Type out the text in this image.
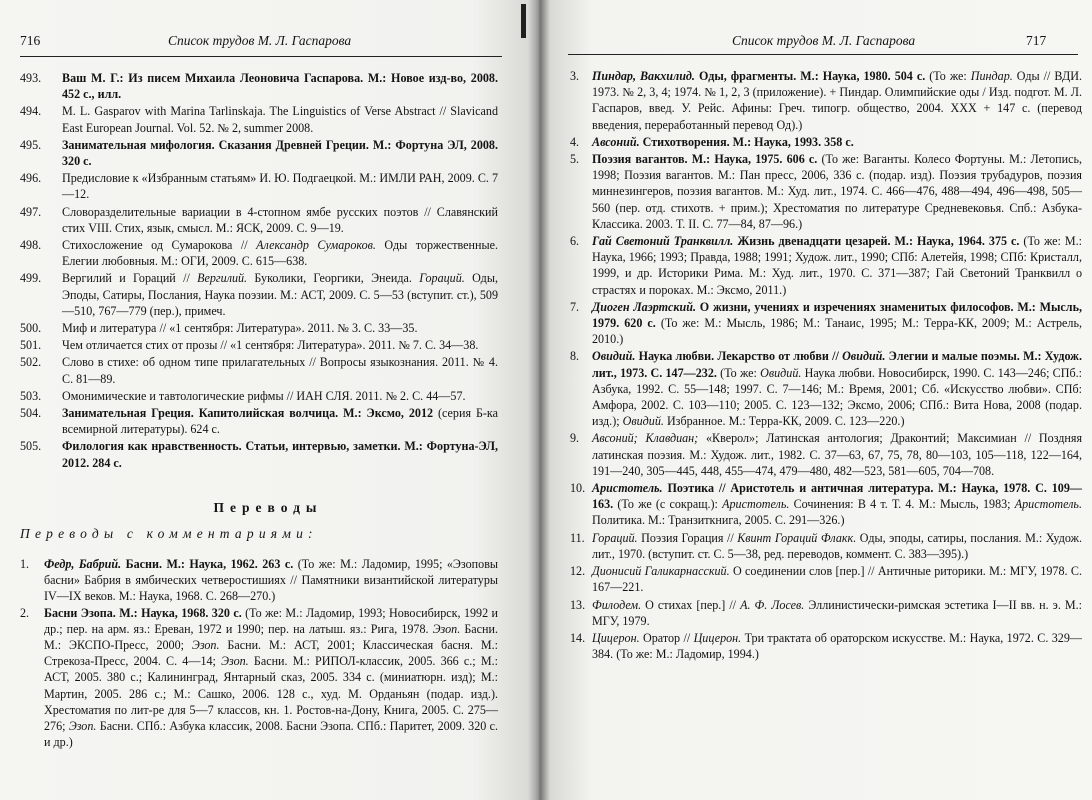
716	Список трудов М. Л. Гаспарова
493.	Ваш М. Г.: Из писем Михаила Леоновича Гаспарова. М.: Новое изд-во, 2008. 452 с., илл.
494.	M. L. Gasparov with Marina Tarlinskaja. The Linguistics of Verse Abstract // Slavicand East European Journal. Vol. 52. № 2, summer 2008.
495.	Занимательная мифология. Сказания Древней Греции. М.: Фортуна ЭЛ, 2008. 320 с.
496.	Предисловие к «Избранным статьям» И. Ю. Подгаецкой. М.: ИМЛИ РАН, 2009. С. 7—12.
497.	Словоразделительные вариации в 4-стопном ямбе русских поэтов // Славянский стих VIII. Стих, язык, смысл. М.: ЯСК, 2009. С. 9—19.
498.	Стихосложение од Сумарокова // Александр Сумароков. Оды торжественные. Елегии любовныя. М.: ОГИ, 2009. С. 615—638.
499.	Вергилий и Гораций // Вергилий. Буколики, Георгики, Энеида. Гораций. Оды, Эподы, Сатиры, Послания, Наука поэзии. М.: АСТ, 2009. С. 5—53 (вступит. ст.), 509—510, 767—779 (пер.), примеч.
500.	Миф и литература // «1 сентября: Литература». 2011. № 3. С. 33—35.
501.	Чем отличается стих от прозы // «1 сентября: Литература». 2011. № 7. С. 34—38.
502.	Слово в стихе: об одном типе прилагательных // Вопросы языкознания. 2011. № 4. С. 81—89.
503.	Омонимические и тавтологические рифмы // ИАН СЛЯ. 2011. № 2. С. 44—57.
504.	Занимательная Греция. Капитолийская волчица. М.: Эксмо, 2012 (серия Б-ка всемирной литературы). 624 с.
505.	Филология как нравственность. Статьи, интервью, заметки. М.: Фортуна-ЭЛ, 2012. 284 с.
Переводы
Переводы с комментариями:
1.	Федр, Бабрий. Басни. М.: Наука, 1962. 263 с. (То же: М.: Ладомир, 1995; «Эзоповы басни» Бабрия в ямбических четверостишиях // Памятники византийской литературы IV—IX веков. М.: Наука, 1968. С. 268—270.)
2.	Басни Эзопа. М.: Наука, 1968. 320 с. (То же: М.: Ладомир, 1993; Новосибирск, 1992 и др.; пер. на арм. яз.: Ереван, 1972 и 1990; пер. на латыш. яз.: Рига, 1978. Эзоп. Басни. М.: ЭКСПО-Пресс, 2000; Эзоп. Басни. М.: АСТ, 2001; Классическая басня. М.: Стрекоза-Пресс, 2004. С. 4—14; Эзоп. Басни. М.: РИПОЛ-классик, 2005. 366 с.; М.: АСТ, 2005. 380 с.; Калининград, Янтарный сказ, 2005. 334 с. (миниатюрн. изд); М.: Мартин, 2005. 286 с.; М.: Сашко, 2006. 128 с., худ. М. Орданьян (подар. изд.). Хрестоматия по лит-ре для 5—7 классов, кн. 1. Ростов-на-Дону, Книга, 2005. С. 275—276; Эзоп. Басни. СПб.: Азбука классик, 2008. Басни Эзопа. СПб.: Паритет, 2009. 320 с. и др.)
Список трудов М. Л. Гаспарова	717
3.	Пиндар, Вакхилид. Оды, фрагменты. М.: Наука, 1980. 504 с. (То же: Пиндар. Оды // ВДИ. 1973. № 2, 3, 4; 1974. № 1, 2, 3 (приложение). + Пиндар. Олимпийские оды / Изд. подгот. М. Л. Гаспаров, введ. У. Рейс. Афины: Греч. типогр. общество, 2004. XXX + 147 с. (перевод введения, переработанный перевод Од).)
4.	Авсоний. Стихотворения. М.: Наука, 1993. 358 с.
5.	Поэзия вагантов. М.: Наука, 1975. 606 с. (То же: Ваганты. Колесо Фортуны. М.: Летопись, 1998; Поэзия вагантов. М.: Пан пресс, 2006, 336 с. (подар. изд). Поэзия трубадуров, поэзия миннезингеров, поэзия вагантов. М.: Худ. лит., 1974. С. 466—476, 488—494, 496—498, 505—560 (пер. отд. стихотв. + прим.); Хрестоматия по литературе Средневековья. Спб.: Азбука-Классика. 2003. Т. II. С. 77—84, 87—96.)
6.	Гай Светоний Транквилл. Жизнь двенадцати цезарей. М.: Наука, 1964. 375 с. (То же: М.: Наука, 1966; 1993; Правда, 1988; 1991; Худож. лит., 1990; СПб: Алетейя, 1998; СПб: Кристалл, 1999, и др. Историки Рима. М.: Худ. лит., 1970. С. 371—387; Гай Светоний Транквилл о страстях и пороках. М.: Эксмо, 2011.)
7.	Диоген Лаэртский. О жизни, учениях и изречениях знаменитых философов. М.: Мысль, 1979. 620 с. (То же: М.: Мысль, 1986; М.: Танаис, 1995; М.: Терра-КК, 2009; М.: Астрель, 2010.)
8.	Овидий. Наука любви. Лекарство от любви // Овидий. Элегии и малые поэмы. М.: Худож. лит., 1973. С. 147—232. (То же: Овидий. Наука любви. Новосибирск, 1990. С. 143—246; СПб.: Азбука, 1992. С. 55—148; 1997. С. 7—146; М.: Время, 2001; Сб. «Искусство любви». СПб: Амфора, 2002. С. 103—110; 2005. С. 123—132; Эксмо, 2006; СПб.: Вита Нова, 2008 (подар. изд.); Овидий. Избранное. М.: Терра-КК, 2009. С. 123—220.)
9.	Авсоний; Клавдиан; «Кверол»; Латинская антология; Драконтий; Максимиан // Поздняя латинская поэзия. М.: Худож. лит., 1982. С. 37—63, 67, 75, 78, 80—103, 105—118, 122—164, 191—240, 305—445, 448, 455—474, 479—480, 482—523, 581—605, 704—708.
10. Аристотель. Поэтика // Аристотель и античная литература. М.: Наука, 1978. С. 109—163. (То же (с сокращ.): Аристотель. Сочинения: В 4 т. Т. 4. М.: Мысль, 1983; Аристотель. Политика. М.: Транзиткнига, 2005. С. 291—326.)
11. Гораций. Поэзия Горация // Квинт Гораций Флакк. Оды, эподы, сатиры, послания. М.: Худож. лит., 1970. (вступит. ст. С. 5—38, ред. переводов, коммент. С. 383—395).)
12. Дионисий Галикарнасский. О соединении слов [пер.] // Античные риторики. М.: МГУ, 1978. С. 167—221.
13. Филодем. О стихах [пер.] // А. Ф. Лосев. Эллинистически-римская эстетика I—II вв. н. э. М.: МГУ, 1979.
14. Цицерон. Оратор // Цицерон. Три трактата об ораторском искусстве. М.: Наука, 1972. С. 329—384. (То же: М.: Ладомир, 1994.)
